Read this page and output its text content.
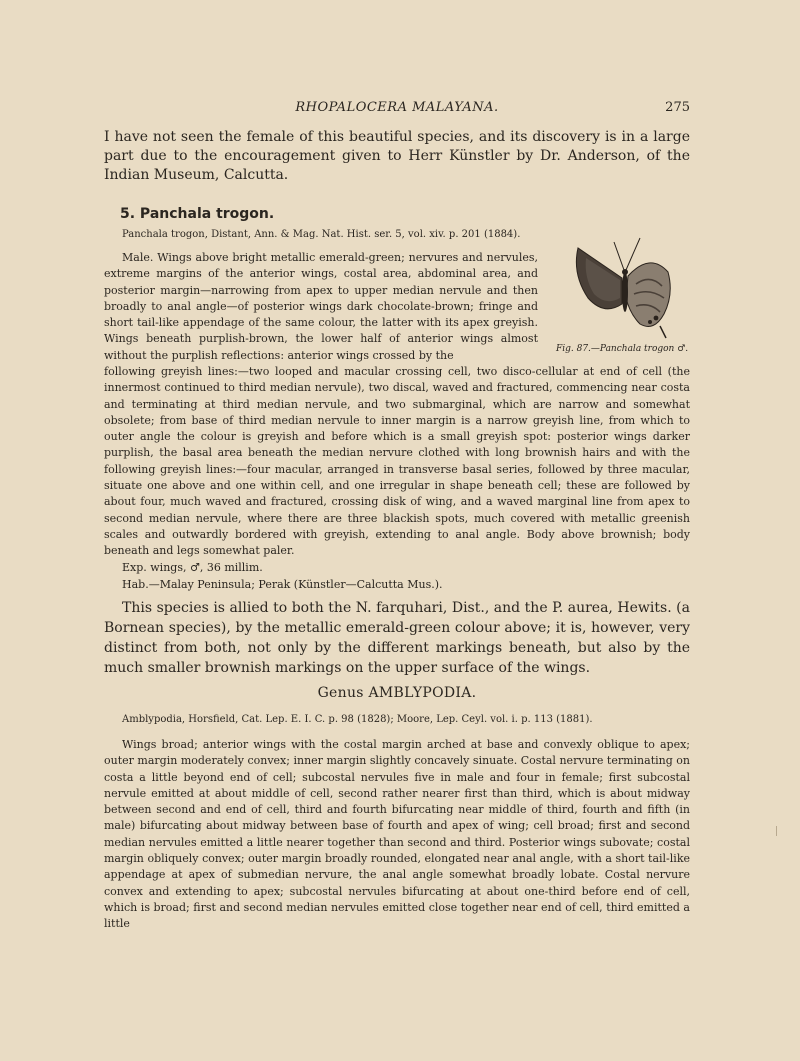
RHOPALOCERA MALAYANA.	275

I have not seen the female of this beautiful species, and its discovery is in a large part due to the encouragement given to Herr Künstler by Dr. Anderson, of the Indian Museum, Calcutta.

5. Panchala trogon.
Panchala trogon, Distant, Ann. & Mag. Nat. Hist. ser. 5, vol. xiv. p. 201 (1884).
Fig. 87.—Panchala trogon ♂.

Male. Wings above bright metallic emerald-green; nervures and nervules, extreme margins of the anterior wings, costal area, abdominal area, and posterior margin—narrowing from apex to upper median nervule and then broadly to anal angle—of posterior wings dark chocolate-brown; fringe and short tail-like appendage of the same colour, the latter with its apex greyish. Wings beneath purplish-brown, the lower half of anterior wings almost without the purplish reflections: anterior wings crossed by the

following greyish lines:—two looped and macular crossing cell, two disco-cellular at end of cell (the innermost continued to third median nervule), two discal, waved and fractured, commencing near costa and terminating at third median nervule, and two submarginal, which are narrow and somewhat obsolete; from base of third median nervule to inner margin is a narrow greyish line, from which to outer angle the colour is greyish and before which is a small greyish spot: posterior wings darker purplish, the basal area beneath the median nervure clothed with long brownish hairs and with the following greyish lines:—four macular, arranged in transverse basal series, followed by three macular, situate one above and one within cell, and one irregular in shape beneath cell; these are followed by about four, much waved and fractured, crossing disk of wing, and a waved marginal line from apex to second median nervule, where there are three blackish spots, much covered with metallic greenish scales and outwardly bordered with greyish, extending to anal angle. Body above brownish; body beneath and legs somewhat paler.

Exp. wings, ♂, 36 millim.
Hab.—Malay Peninsula; Perak (Künstler—Calcutta Mus.).

This species is allied to both the N. farquhari, Dist., and the P. aurea, Hewits. (a Bornean species), by the metallic emerald-green colour above; it is, however, very distinct from both, not only by the different markings beneath, but also by the much smaller brownish markings on the upper surface of the wings.

Genus AMBLYPODIA.
Amblypodia, Horsfield, Cat. Lep. E. I. C. p. 98 (1828); Moore, Lep. Ceyl. vol. i. p. 113 (1881).

Wings broad; anterior wings with the costal margin arched at base and convexly oblique to apex; outer margin moderately convex; inner margin slightly concavely sinuate. Costal nervure terminating on costa a little beyond end of cell; subcostal nervules five in male and four in female; first subcostal nervule emitted at about middle of cell, second rather nearer first than third, which is about midway between second and end of cell, third and fourth bifurcating near middle of third, fourth and fifth (in male) bifurcating about midway between base of fourth and apex of wing; cell broad; first and second median nervules emitted a little nearer together than second and third. Posterior wings subovate; costal margin obliquely convex; outer margin broadly rounded, elongated near anal angle, with a short tail-like appendage at apex of submedian nervure, the anal angle somewhat broadly lobate. Costal nervure convex and extending to apex; subcostal nervules bifurcating at about one-third before end of cell, which is broad; first and second median nervules emitted close together near end of cell, third emitted a little
